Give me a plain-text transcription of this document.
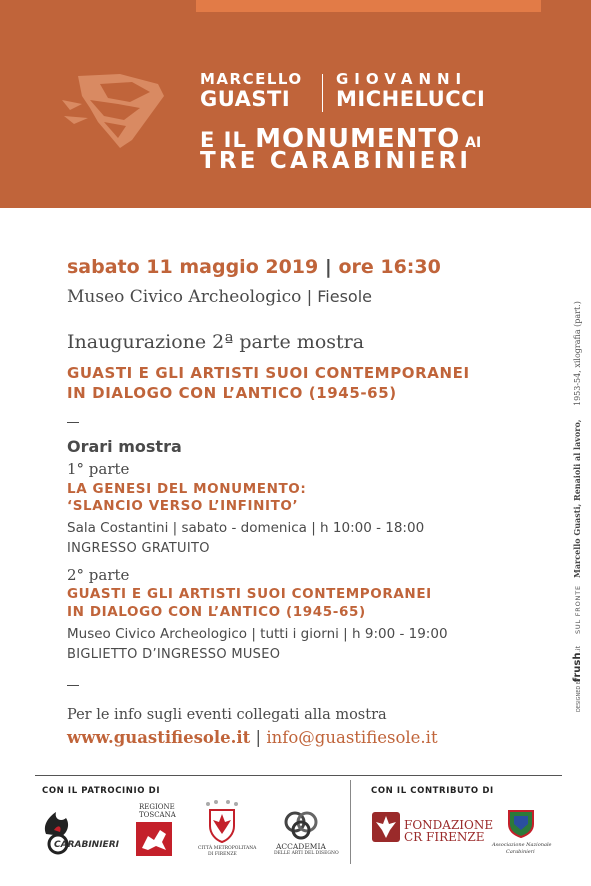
MARCELLO
GUASTI
GIOVANNI
MICHELUCCI
E IL MONUMENTO AI
TRE CARABINIERI
sabato 11 maggio 2019 | ore 16:30
Museo Civico Archeologico | Fiesole
Inaugurazione 2ª parte mostra
GUASTI E GLI ARTISTI SUOI CONTEMPORANEI
IN DIALOGO CON L’ANTICO (1945-65)
Orari mostra
1° parte
LA GENESI DEL MONUMENTO:
‘SLANCIO VERSO L’INFINITO’
Sala Costantini | sabato - domenica | h 10:00 - 18:00
INGRESSO GRATUITO
2° parte
GUASTI E GLI ARTISTI SUOI CONTEMPORANEI
IN DIALOGO CON L’ANTICO (1945-65)
Museo Civico Archeologico | tutti i giorni | h 9:00 - 19:00
BIGLIETTO D’INGRESSO MUSEO
Per le info sugli eventi collegati alla mostra
www.guastifiesole.it | info@guastifiesole.it
DESIGNED BY
frush
.it
SUL FRONTE
Marcello Guasti, Renaioli al lavoro,
1953-54, xilografia (part.)
CON IL PATROCINIO DI	CON IL CONTRIBUTO DI
CARABINIERI
REGIONE
TOSCANA
CITTÀ METROPOLITANA
DI FIRENZE
ACCADEMIA
DELLE ARTI DEL DISEGNO
FONDAZIONE
CR FIRENZE
Associazione Nazionale
Carabinieri
